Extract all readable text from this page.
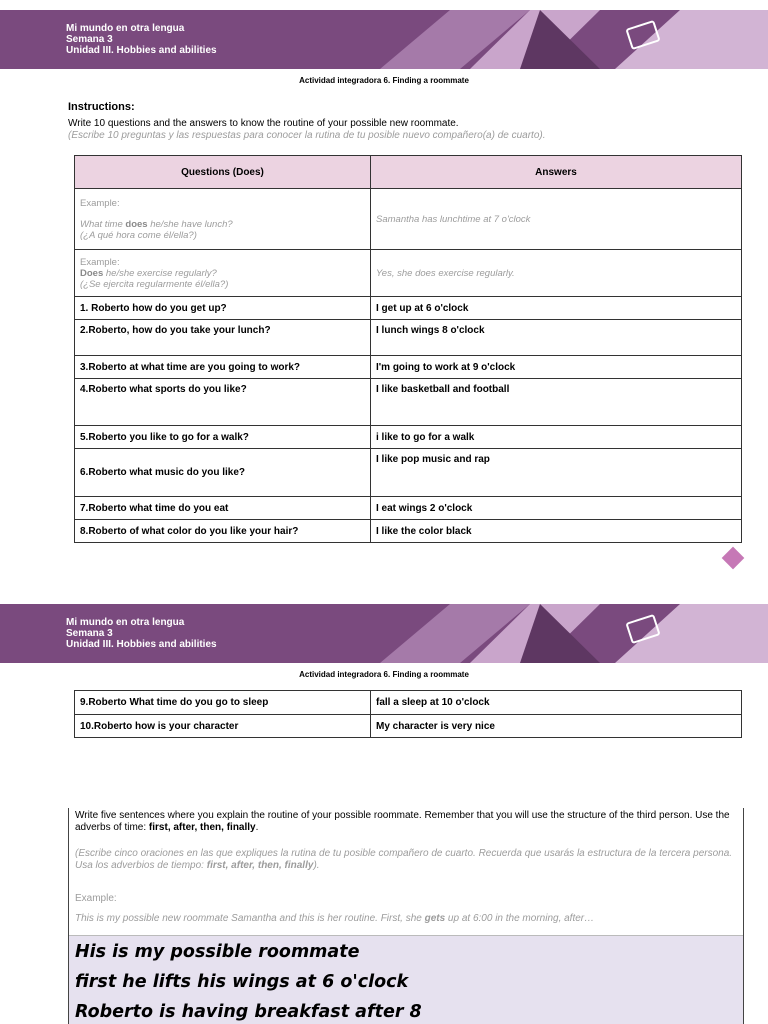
Mi mundo en otra lengua
Semana 3
Unidad III. Hobbies and abilities
Actividad integradora 6. Finding a roommate
Instructions:
Write 10 questions and the answers to know the routine of your possible new roommate.
(Escribe 10 preguntas y las respuestas para conocer la rutina de tu posible nuevo compañero(a) de cuarto).
Questions (Does)	Answers

Example:
What time does he/she have lunch?
(¿A qué hora come él/ella?)	Samantha has lunchtime at 7 o'clock

Example:
Does he/she exercise regularly?
(¿Se ejercita regularmente él/ella?)	Yes, she does exercise regularly.
1. Roberto how do you get up?	I get up at 6 o'clock
2.Roberto, how do you take your lunch?	I lunch wings 8 o'clock
3.Roberto at what time are you going to work?	I'm going to work at 9 o'clock
4.Roberto what sports do you like?	I like basketball and football
5.Roberto you like to go for a walk?	i like to go for a walk
6.Roberto what music do you like?	I like pop music and rap
7.Roberto what time do you eat	I eat wings 2 o'clock
8.Roberto of what color do you like your hair?	I like the color black
Mi mundo en otra lengua
Semana 3
Unidad III. Hobbies and abilities
Actividad integradora 6. Finding a roommate
9.Roberto What time do you go to sleep	fall a sleep at 10 o'clock
10.Roberto how is your character	My character is very nice
Write five sentences where you explain the routine of your possible roommate. Remember that you will use the structure of the third person. Use the adverbs of time: first, after, then, finally.
(Escribe cinco oraciones en las que expliques la rutina de tu posible compañero de cuarto. Recuerda que usarás la estructura de la tercera persona. Usa los adverbios de tiempo: first, after, then, finally).
Example:
This is my possible new roommate Samantha and this is her routine. First, she gets up at 6:00 in the morning, after…
His is my possible roommate
first he lifts his wings at 6 o'clock
Roberto is having breakfast after 8
